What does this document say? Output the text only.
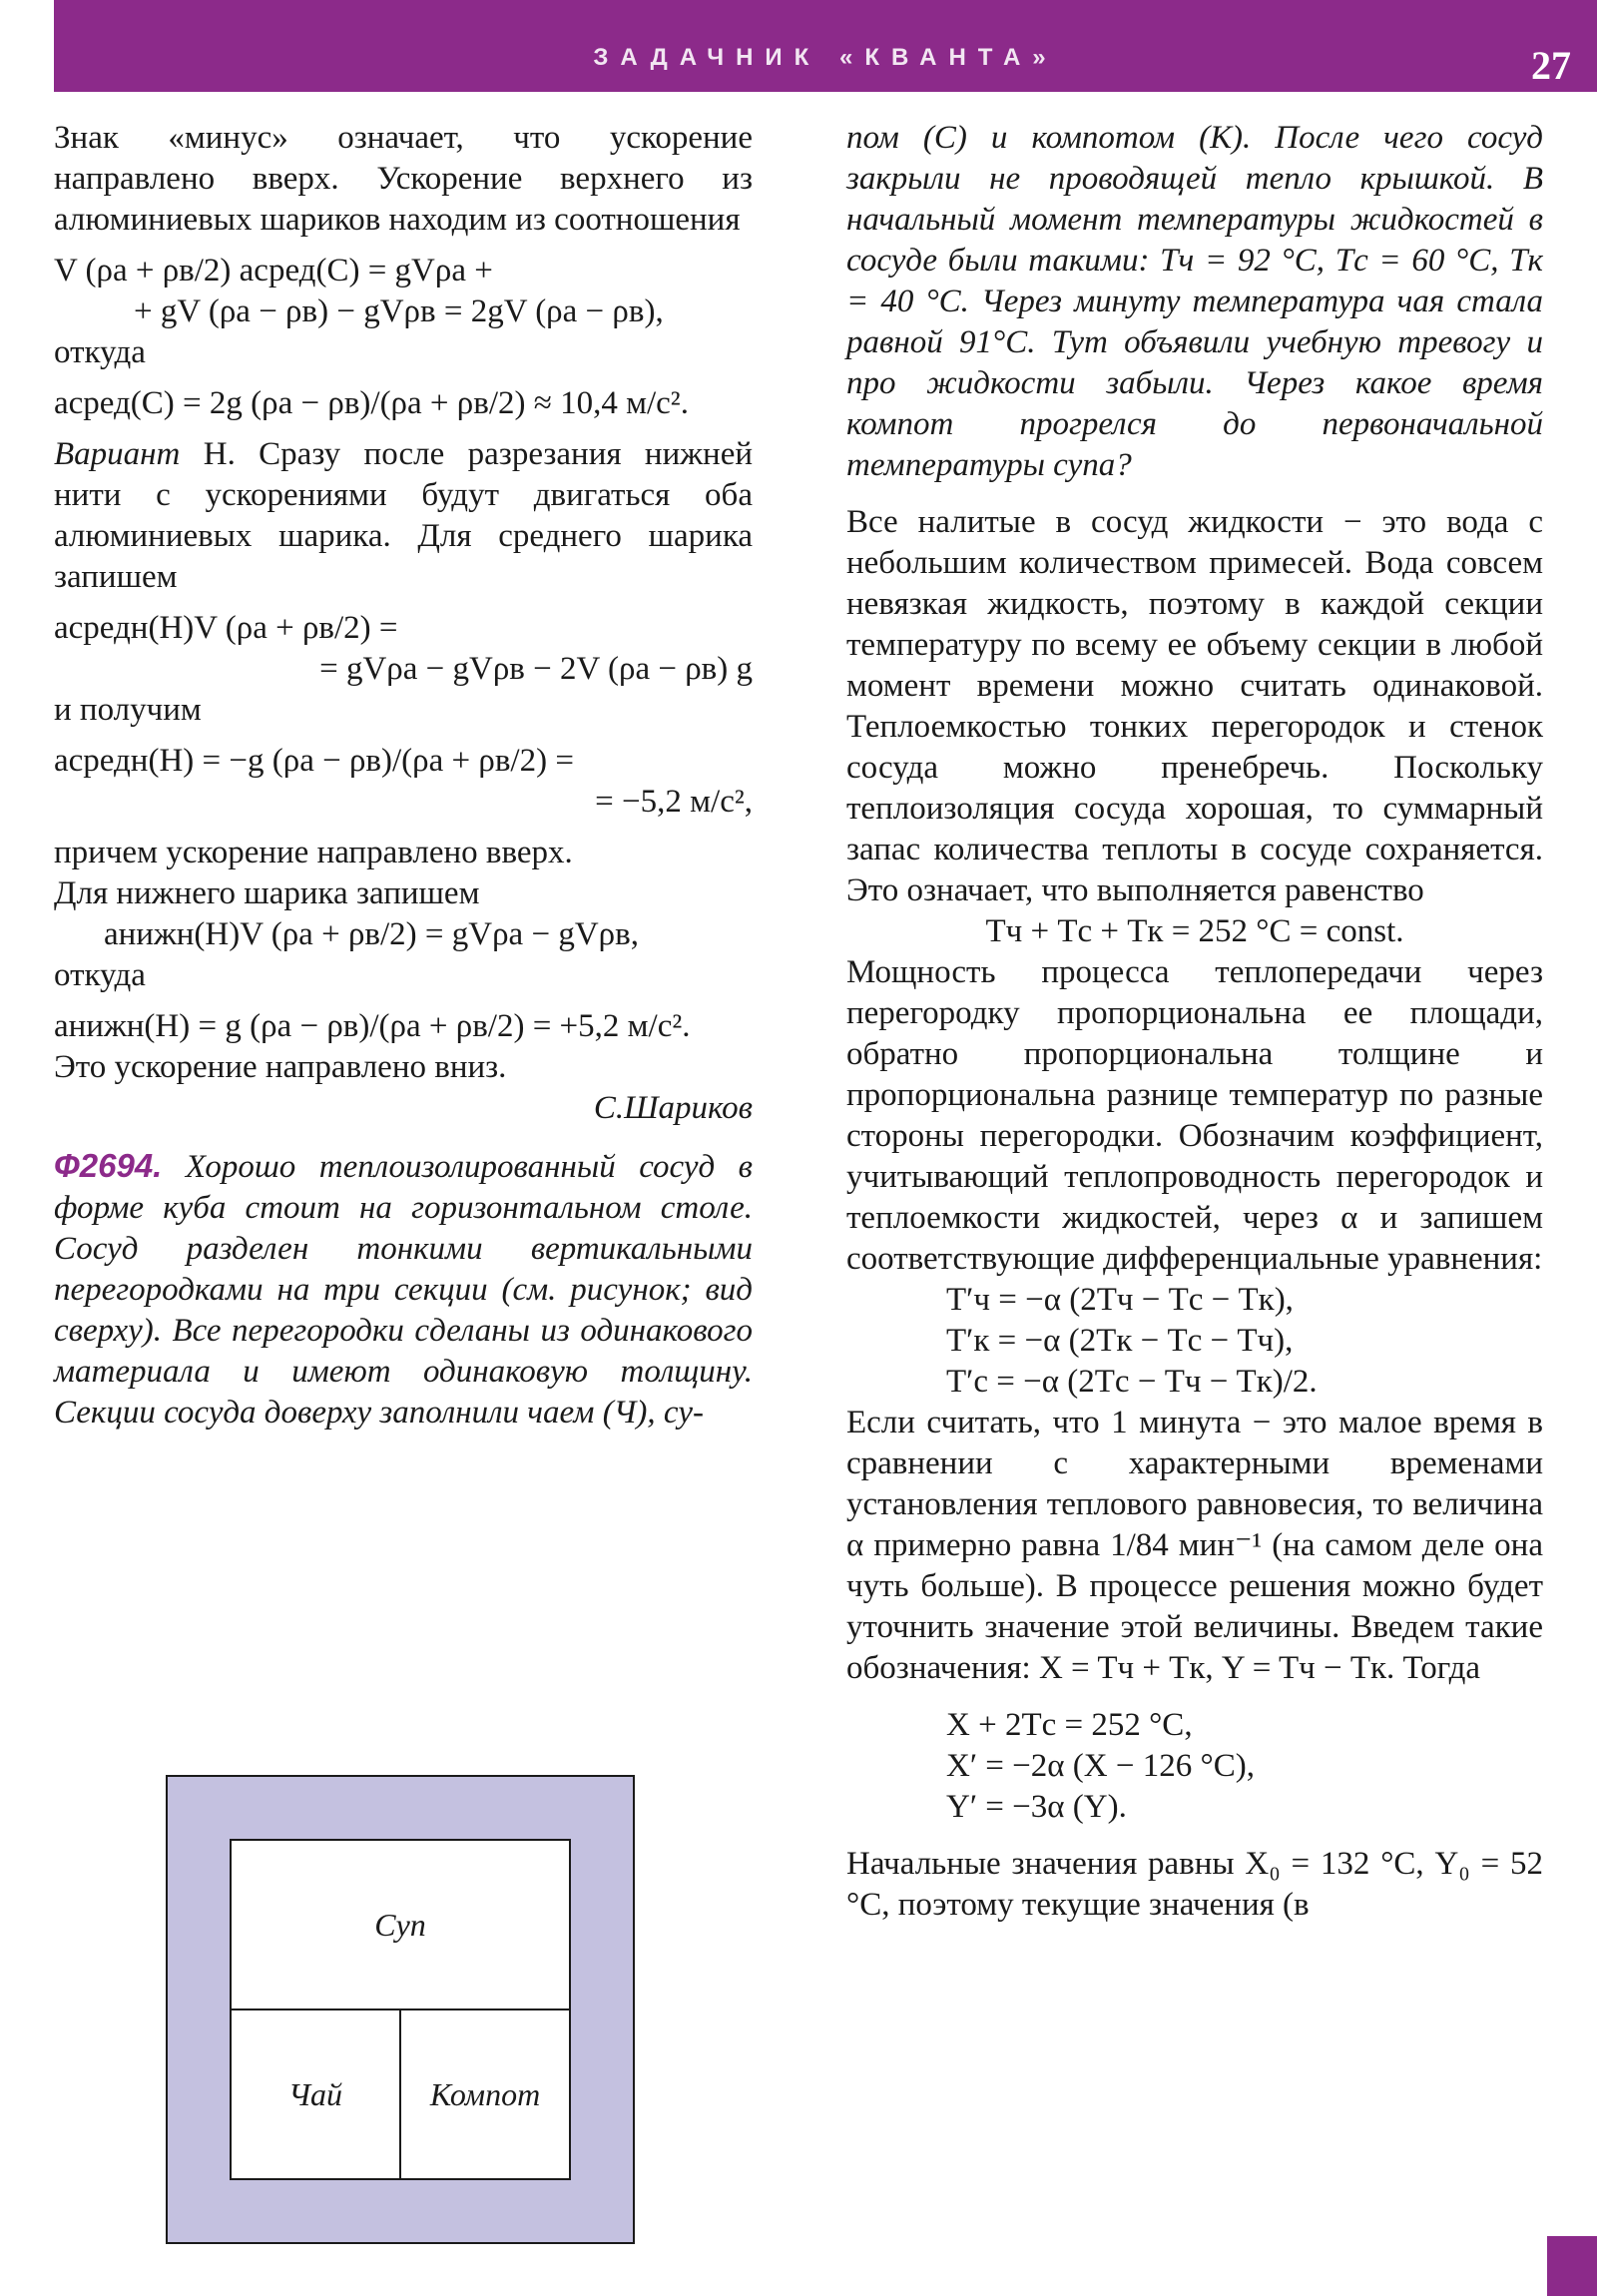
ЗАДАЧНИК «КВАНТА»	27

Знак «минус» означает, что ускорение направлено вверх. Ускорение верхнего из алюминиевых шариков находим из соотношения

V (ρа + ρв/2) aсред(С) = gVρа +

+ gV (ρа − ρв) − gVρв = 2gV (ρа − ρв),

откуда

aсред(С) = 2g (ρа − ρв)/(ρа + ρв/2) ≈ 10,4 м/с².

Вариант Н. Сразу после разрезания нижней нити с ускорениями будут двигаться оба алюминиевых шарика. Для среднего шарика запишем

aсредн(Н)V (ρа + ρв/2) =

= gVρа − gVρв − 2V (ρа − ρв) g

и получим

aсредн(Н) = −g (ρа − ρв)/(ρа + ρв/2) =

= −5,2 м/с²,

причем ускорение направлено вверх.

Для нижнего шарика запишем

aнижн(Н)V (ρа + ρв/2) = gVρа − gVρв,

откуда

aнижн(Н) = g (ρа − ρв)/(ρа + ρв/2) = +5,2 м/с².

Это ускорение направлено вниз.

С.Шариков

Ф2694. Хорошо теплоизолированный сосуд в форме куба стоит на горизонтальном столе. Сосуд разделен тонкими вертикальными перегородками на три секции (см. рисунок; вид сверху). Все перегородки сделаны из одинакового материала и имеют одинаковую толщину. Секции сосуда доверху заполнили чаем (Ч), су-

Суп
Чай	Компот

пом (С) и компотом (К). После чего сосуд закрыли не проводящей тепло крышкой. В начальный момент температуры жидкостей в сосуде были такими: Tч = 92 °С, Tс = 60 °С, Tк = 40 °С. Через минуту температура чая стала равной 91°С. Тут объявили учебную тревогу и про жидкости забыли. Через какое время компот прогрелся до первоначальной температуры супа?

Все налитые в сосуд жидкости − это вода с небольшим количеством примесей. Вода совсем невязкая жидкость, поэтому в каждой секции температуру по всему ее объему секции в любой момент времени можно считать одинаковой. Теплоемкостью тонких перегородок и стенок сосуда можно пренебречь. Поскольку теплоизоляция сосуда хорошая, то суммарный запас количества теплоты в сосуде сохраняется. Это означает, что выполняется равенство

Tч + Tс + Tк = 252 °С = const.

Мощность процесса теплопередачи через перегородку пропорциональна ее площади, обратно пропорциональна толщине и пропорциональна разнице температур по разные стороны перегородки. Обозначим коэффициент, учитывающий теплопроводность перегородок и теплоемкости жидкостей, через α и запишем соответствующие дифференциальные уравнения:

T′ч = −α (2Tч − Tс − Tк),

T′к = −α (2Tк − Tс − Tч),

T′с = −α (2Tс − Tч − Tк)/2.

Если считать, что 1 минута − это малое время в сравнении с характерными временами установления теплового равновесия, то величина α примерно равна 1/84 мин⁻¹ (на самом деле она чуть больше). В процессе решения можно будет уточнить значение этой величины. Введем такие обозначения: X = Tч + Tк, Y = Tч − Tк. Тогда

X + 2Tс = 252 °С,

X′ = −2α (X − 126 °С),

Y′ = −3α (Y).

Начальные значения равны X₀ = 132 °С, Y₀ = 52 °С, поэтому текущие значения (в
